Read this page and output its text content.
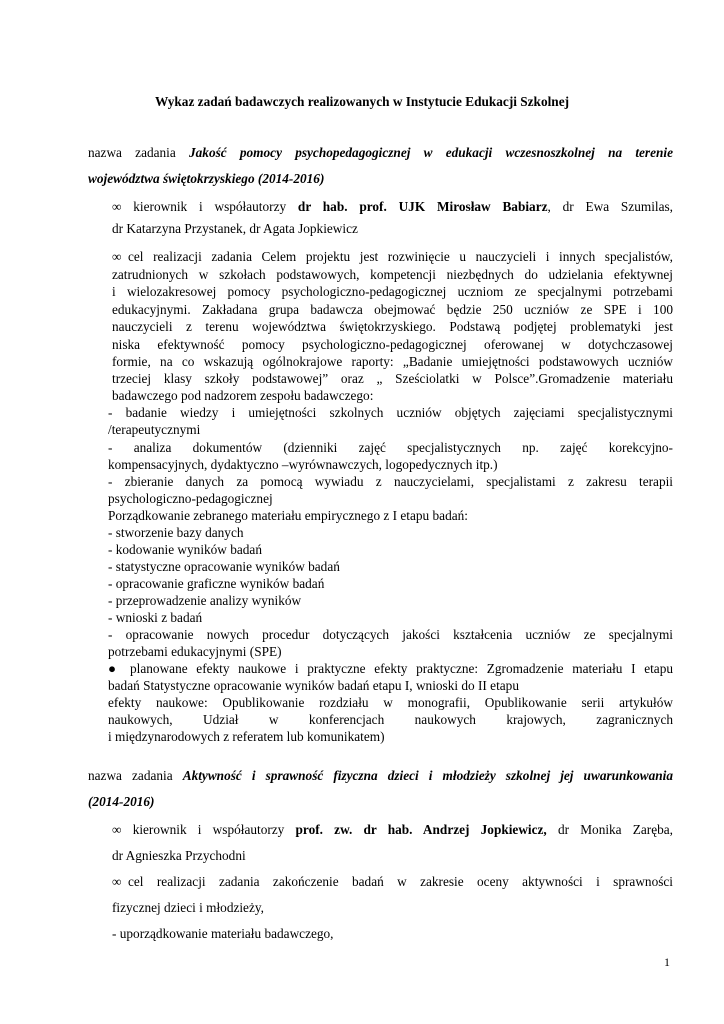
Wykaz zadań badawczych realizowanych w Instytucie Edukacji Szkolnej
nazwa zadania Jakość pomocy psychopedagogicznej w edukacji wczesnoszkolnej na terenie
województwa świętokrzyskiego (2014-2016)
∞ kierownik i współautorzy dr hab. prof. UJK Mirosław Babiarz, dr Ewa Szumilas,
dr Katarzyna Przystanek, dr Agata Jopkiewicz
∞ cel realizacji zadania Celem projektu jest rozwinięcie u nauczycieli i innych specjalistów,
zatrudnionych w szkołach podstawowych, kompetencji niezbędnych do udzielania efektywnej
i wielozakresowej pomocy psychologiczno-pedagogicznej uczniom ze specjalnymi potrzebami
edukacyjnymi. Zakładana grupa badawcza obejmować będzie 250 uczniów ze SPE i 100
nauczycieli z terenu województwa świętokrzyskiego. Podstawą podjętej problematyki jest
niska efektywność pomocy psychologiczno-pedagogicznej oferowanej w dotychczasowej
formie, na co wskazują ogólnokrajowe raporty: „Badanie umiejętności podstawowych uczniów
trzeciej klasy szkoły podstawowej” oraz „ Sześciolatki w Polsce”.Gromadzenie materiału
badawczego pod nadzorem zespołu badawczego:
- badanie wiedzy i umiejętności szkolnych uczniów objętych zajęciami specjalistycznymi
/terapeutycznymi
- analiza dokumentów (dzienniki zajęć specjalistycznych np. zajęć korekcyjno-
kompensacyjnych, dydaktyczno –wyrównawczych, logopedycznych itp.)
- zbieranie danych za pomocą wywiadu z nauczycielami, specjalistami z zakresu terapii
psychologiczno-pedagogicznej
Porządkowanie zebranego materiału empirycznego z I etapu badań:
- stworzenie bazy danych
- kodowanie wyników badań
- statystyczne opracowanie wyników badań
- opracowanie graficzne wyników badań
- przeprowadzenie analizy wyników
- wnioski z badań
- opracowanie nowych procedur dotyczących jakości kształcenia uczniów ze specjalnymi
potrzebami edukacyjnymi (SPE)
● planowane efekty naukowe i praktyczne efekty praktyczne: Zgromadzenie materiału I etapu
badań Statystyczne opracowanie wyników badań etapu I, wnioski do II etapu
efekty naukowe: Opublikowanie rozdziału w monografii, Opublikowanie serii artykułów
naukowych, Udział w konferencjach naukowych krajowych, zagranicznych
i międzynarodowych z referatem lub komunikatem)
nazwa zadania Aktywność i sprawność fizyczna dzieci i młodzieży szkolnej jej uwarunkowania
(2014-2016)
∞ kierownik i współautorzy prof. zw. dr hab. Andrzej Jopkiewicz, dr Monika Zaręba,
dr Agnieszka Przychodni
∞ cel realizacji zadania zakończenie badań w zakresie oceny aktywności i sprawności
fizycznej dzieci i młodzieży,
- uporządkowanie materiału badawczego,
1
